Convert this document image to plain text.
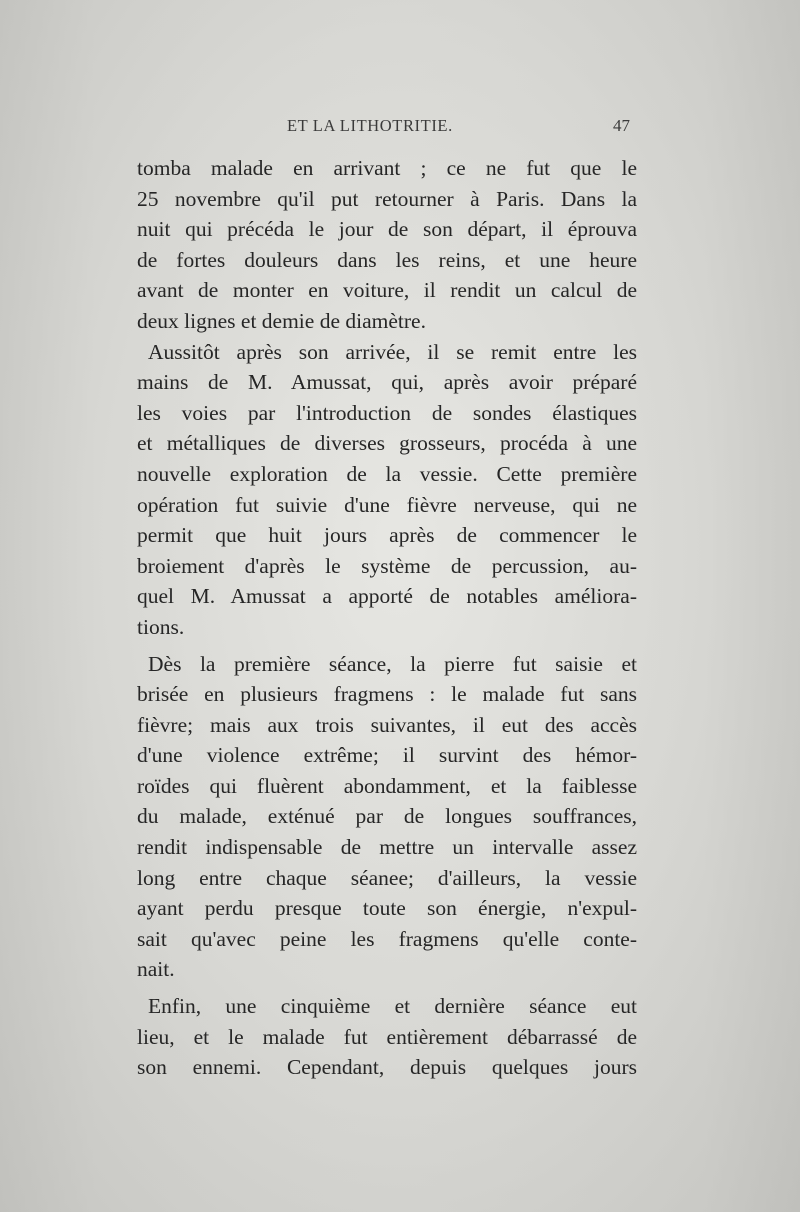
ET LA LITHOTRITIE.	47
tomba malade en arrivant ; ce ne fut que le
25 novembre qu'il put retourner à Paris. Dans la
nuit qui précéda le jour de son départ, il éprouva
de fortes douleurs dans les reins, et une heure
avant de monter en voiture, il rendit un calcul de
deux lignes et demie de diamètre.
Aussitôt après son arrivée, il se remit entre les
mains de M. Amussat, qui, après avoir préparé
les voies par l'introduction de sondes élastiques
et métalliques de diverses grosseurs, procéda à une
nouvelle exploration de la vessie. Cette première
opération fut suivie d'une fièvre nerveuse, qui ne
permit que huit jours après de commencer le
broiement d'après le système de percussion, au-
quel M. Amussat a apporté de notables améliora-
tions.
Dès la première séance, la pierre fut saisie et
brisée en plusieurs fragmens : le malade fut sans
fièvre; mais aux trois suivantes, il eut des accès
d'une violence extrême; il survint des hémor-
roïdes qui fluèrent abondamment, et la faiblesse
du malade, exténué par de longues souffrances,
rendit indispensable de mettre un intervalle assez
long entre chaque séanee; d'ailleurs, la vessie
ayant perdu presque toute son énergie, n'expul-
sait qu'avec peine les fragmens qu'elle conte-
nait.
Enfin, une cinquième et dernière séance eut
lieu, et le malade fut entièrement débarrassé de
son ennemi. Cependant, depuis quelques jours
